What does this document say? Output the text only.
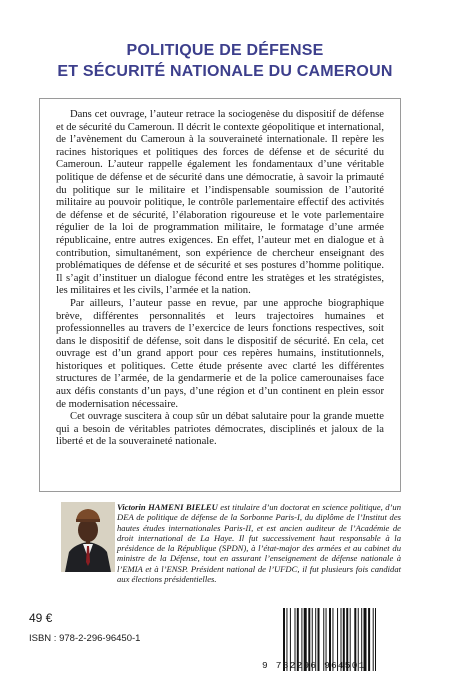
POLITIQUE DE DÉFENSE
ET SÉCURITÉ NATIONALE DU CAMEROUN

Dans cet ouvrage, l’auteur retrace la sociogenèse du dispositif de défense et de sécurité du Cameroun. Il décrit le contexte géopolitique et international, de l’avènement du Cameroun à la souveraineté internationale. Il repère les racines historiques et politiques des forces de défense et de sécurité du Cameroun. L’auteur rappelle également les fondamentaux d’une véritable politique de défense et de sécurité dans une démocratie, à savoir la primauté du politique sur le militaire et l’indispensable soumission de l’autorité militaire au pouvoir politique, le contrôle parlementaire effectif des activités de défense et de sécurité, l’élaboration rigoureuse et le vote parlementaire régulier de la loi de programmation militaire, le formatage d’une armée républicaine, entre autres exigences. En effet, l’auteur met en dialogue et à contribution, simultanément, son expérience de chercheur enseignant des problématiques de défense et de sécurité et ses postures d’homme politique. Il s’agit d’instituer un dialogue fécond entre les stratèges et les stratégistes, les militaires et les civils, l’armée et la nation.

Par ailleurs, l’auteur passe en revue, par une approche biographique brève, différentes personnalités et leurs trajectoires humaines et professionnelles au travers de l’exercice de leurs fonctions respectives, soit dans le dispositif de défense, soit dans le dispositif de sécurité. En cela, cet ouvrage est d’un grand apport pour ces repères humains, institutionnels, historiques et politiques. Cette étude présente avec clarté les différentes structures de l’armée, de la gendarmerie et de la police camerounaises face aux défis constants d’un pays, d’une région et d’un continent en plein essor de modernisation nécessaire.

Cet ouvrage suscitera à coup sûr un débat salutaire pour la grande muette qui a besoin de véritables patriotes démocrates, disciplinés et jaloux de la liberté et de la souveraineté nationale.

Victorin HAMENI BIELEU est titulaire d’un doctorat en science politique, d’un DEA de politique de défense de la Sorbonne Paris-I, du diplôme de l’Institut des hautes études internationales Paris-II, et est ancien auditeur de l’Académie de droit international de La Haye. Il fut successivement haut responsable à la présidence de la République (SPDN), à l’état-major des armées et au cabinet du ministre de la Défense, tout en assurant l’enseignement de défense nationale à l’EMIA et à l’ENSP. Président national de l’UFDC, il fut plusieurs fois candidat aux élections présidentielles.
49 €
ISBN : 978-2-296-96450-1
9 782296 964501
